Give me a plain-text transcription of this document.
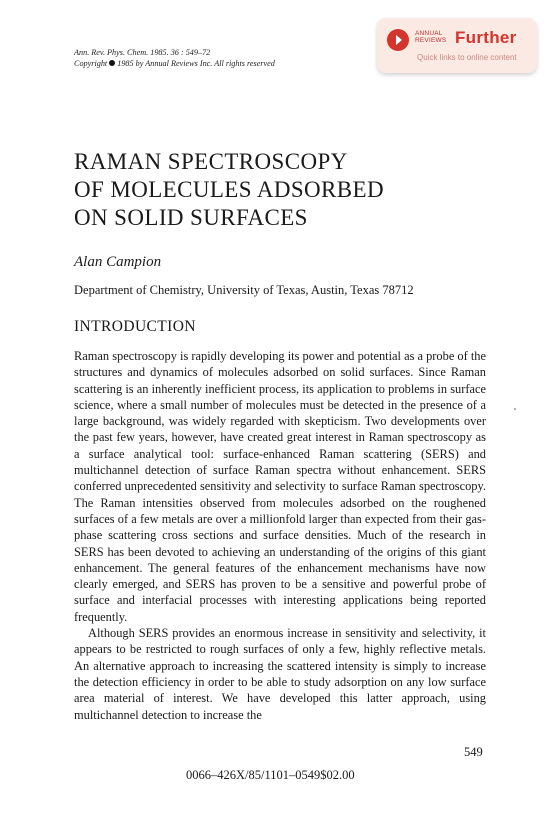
Ann. Rev. Phys. Chem. 1985. 36 : 549–72
Copyright 1985 by Annual Reviews Inc. All rights reserved
ANNUAL
REVIEWS Further
Quick links to online content
RAMAN SPECTROSCOPY
OF MOLECULES ADSORBED
ON SOLID SURFACES
Alan Campion
Department of Chemistry, University of Texas, Austin, Texas 78712
INTRODUCTION

Raman spectroscopy is rapidly developing its power and potential as a probe of the structures and dynamics of molecules adsorbed on solid surfaces. Since Raman scattering is an inherently inefficient process, its application to problems in surface science, where a small number of molecules must be detected in the presence of a large background, was widely regarded with skepticism. Two developments over the past few years, however, have created great interest in Raman spectroscopy as a surface analytical tool: surface-enhanced Raman scattering (SERS) and multichannel detection of surface Raman spectra without enhancement. SERS conferred unprecedented sensitivity and selectivity to surface Raman spectroscopy. The Raman intensities observed from molecules adsorbed on the roughened surfaces of a few metals are over a millionfold larger than expected from their gas-phase scattering cross sections and surface densities. Much of the research in SERS has been devoted to achieving an understanding of the origins of this giant enhancement. The general features of the enhancement mechanisms have now clearly emerged, and SERS has proven to be a sensitive and powerful probe of surface and interfacial processes with interesting applications being reported frequently.

Although SERS provides an enormous increase in sensitivity and selectivity, it appears to be restricted to rough surfaces of only a few, highly reflective metals. An alternative approach to increasing the scattered intensity is simply to increase the detection efficiency in order to be able to study adsorption on any low surface area material of interest. We have developed this latter approach, using multichannel detection to increase the

549
0066–426X/85/1101–0549$02.00
